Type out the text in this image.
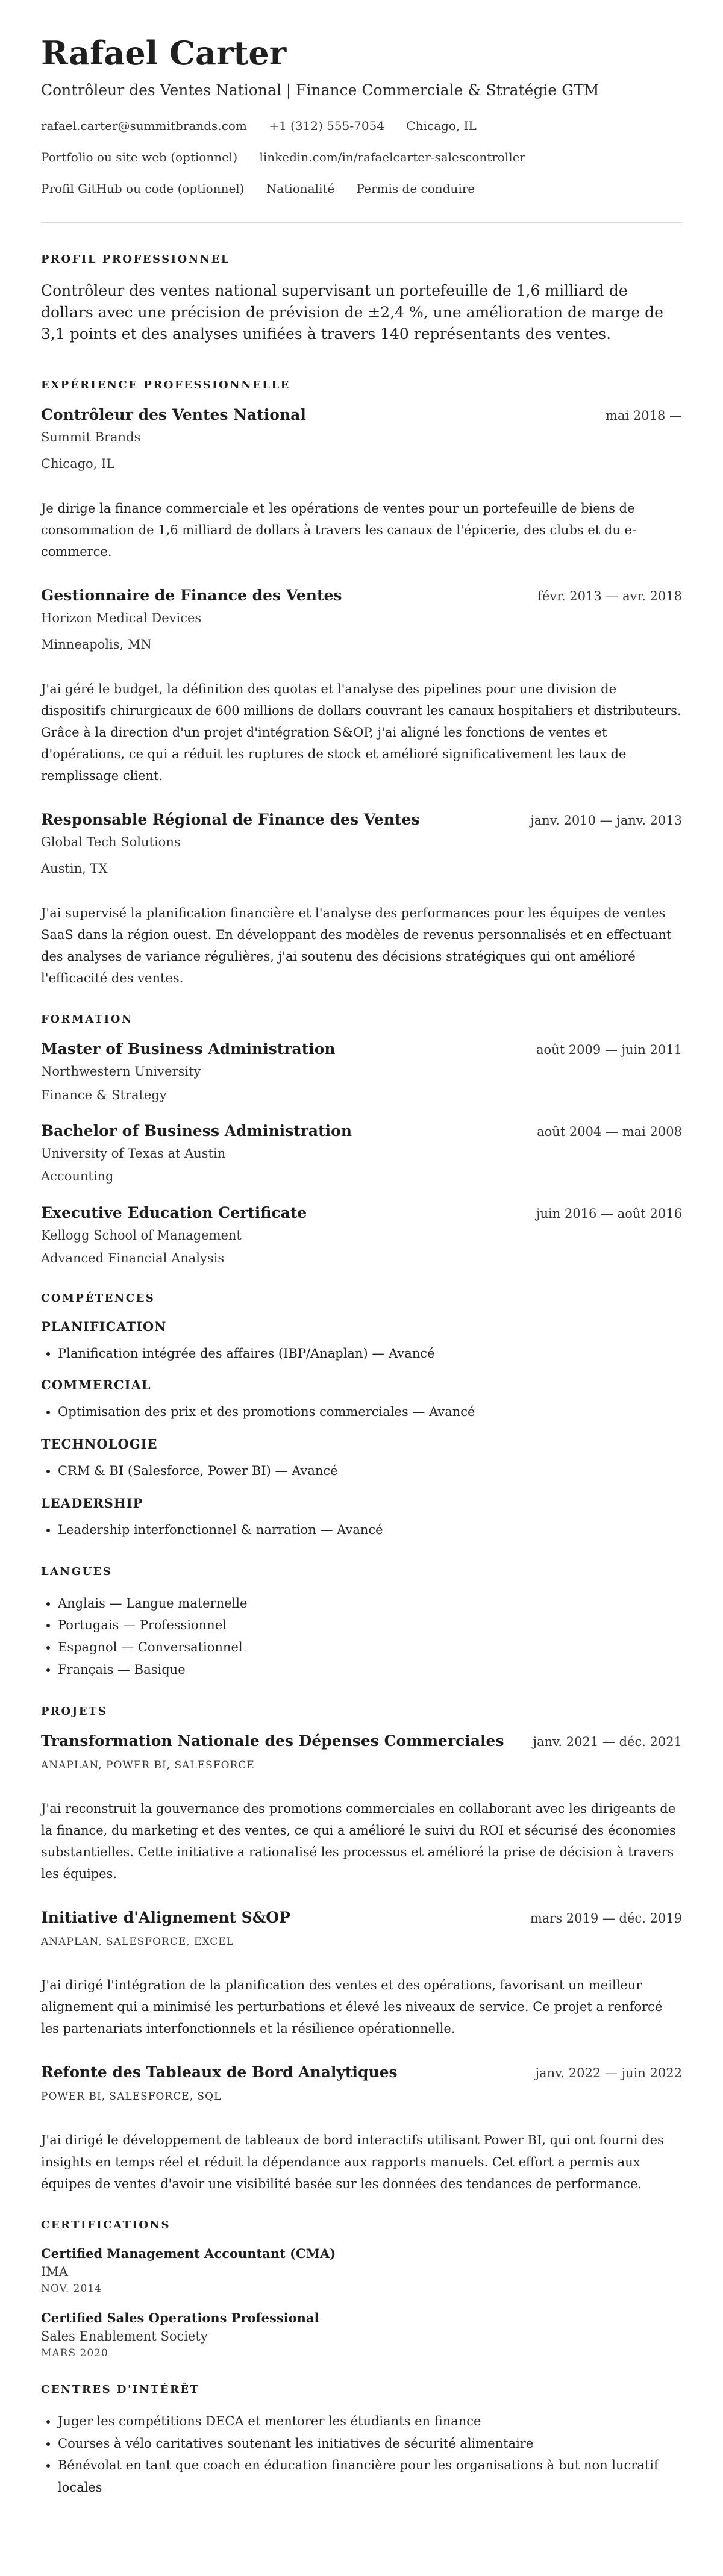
Rafael Carter
Contrôleur des Ventes National | Finance Commerciale & Stratégie GTM
rafael.carter@summitbrands.com +1 (312) 555-7054 Chicago, IL
Portfolio ou site web (optionnel) linkedin.com/in/rafaelcarter-salescontroller
Profil GitHub ou code (optionnel) Nationalité Permis de conduire
PROFIL PROFESSIONNEL
Contrôleur des ventes national supervisant un portefeuille de 1,6 milliard de dollars avec une précision de prévision de ±2,4 %, une amélioration de marge de 3,1 points et des analyses unifiées à travers 140 représentants des ventes.
EXPÉRIENCE PROFESSIONNELLE
Contrôleur des Ventes National	mai 2018 —
Summit Brands
Chicago, IL
Je dirige la finance commerciale et les opérations de ventes pour un portefeuille de biens de consommation de 1,6 milliard de dollars à travers les canaux de l'épicerie, des clubs et du e-commerce.
Gestionnaire de Finance des Ventes	févr. 2013 — avr. 2018
Horizon Medical Devices
Minneapolis, MN
J'ai géré le budget, la définition des quotas et l'analyse des pipelines pour une division de dispositifs chirurgicaux de 600 millions de dollars couvrant les canaux hospitaliers et distributeurs. Grâce à la direction d'un projet d'intégration S&OP, j'ai aligné les fonctions de ventes et d'opérations, ce qui a réduit les ruptures de stock et amélioré significativement les taux de remplissage client.
Responsable Régional de Finance des Ventes	janv. 2010 — janv. 2013
Global Tech Solutions
Austin, TX
J'ai supervisé la planification financière et l'analyse des performances pour les équipes de ventes SaaS dans la région ouest. En développant des modèles de revenus personnalisés et en effectuant des analyses de variance régulières, j'ai soutenu des décisions stratégiques qui ont amélioré l'efficacité des ventes.
FORMATION
Master of Business Administration	août 2009 — juin 2011
Northwestern University
Finance & Strategy
Bachelor of Business Administration	août 2004 — mai 2008
University of Texas at Austin
Accounting
Executive Education Certificate	juin 2016 — août 2016
Kellogg School of Management
Advanced Financial Analysis
COMPÉTENCES
PLANIFICATION
• Planification intégrée des affaires (IBP/Anaplan) — Avancé
COMMERCIAL
• Optimisation des prix et des promotions commerciales — Avancé
TECHNOLOGIE
• CRM & BI (Salesforce, Power BI) — Avancé
LEADERSHIP
• Leadership interfonctionnel & narration — Avancé
LANGUES
• Anglais — Langue maternelle
• Portugais — Professionnel
• Espagnol — Conversationnel
• Français — Basique
PROJETS
Transformation Nationale des Dépenses Commerciales janv. 2021 — déc. 2021
ANAPLAN, POWER BI, SALESFORCE
J'ai reconstruit la gouvernance des promotions commerciales en collaborant avec les dirigeants de la finance, du marketing et des ventes, ce qui a amélioré le suivi du ROI et sécurisé des économies substantielles. Cette initiative a rationalisé les processus et amélioré la prise de décision à travers les équipes.
Initiative d'Alignement S&OP	mars 2019 — déc. 2019
ANAPLAN, SALESFORCE, EXCEL
J'ai dirigé l'intégration de la planification des ventes et des opérations, favorisant un meilleur alignement qui a minimisé les perturbations et élevé les niveaux de service. Ce projet a renforcé les partenariats interfonctionnels et la résilience opérationnelle.
Refonte des Tableaux de Bord Analytiques	janv. 2022 — juin 2022
POWER BI, SALESFORCE, SQL
J'ai dirigé le développement de tableaux de bord interactifs utilisant Power BI, qui ont fourni des insights en temps réel et réduit la dépendance aux rapports manuels. Cet effort a permis aux équipes de ventes d'avoir une visibilité basée sur les données des tendances de performance.
CERTIFICATIONS
Certified Management Accountant (CMA)
IMA
NOV. 2014
Certified Sales Operations Professional
Sales Enablement Society
MARS 2020
CENTRES D'INTÉRÊT
• Juger les compétitions DECA et mentorer les étudiants en finance
• Courses à vélo caritatives soutenant les initiatives de sécurité alimentaire
• Bénévolat en tant que coach en éducation financière pour les organisations à but non lucratif locales
